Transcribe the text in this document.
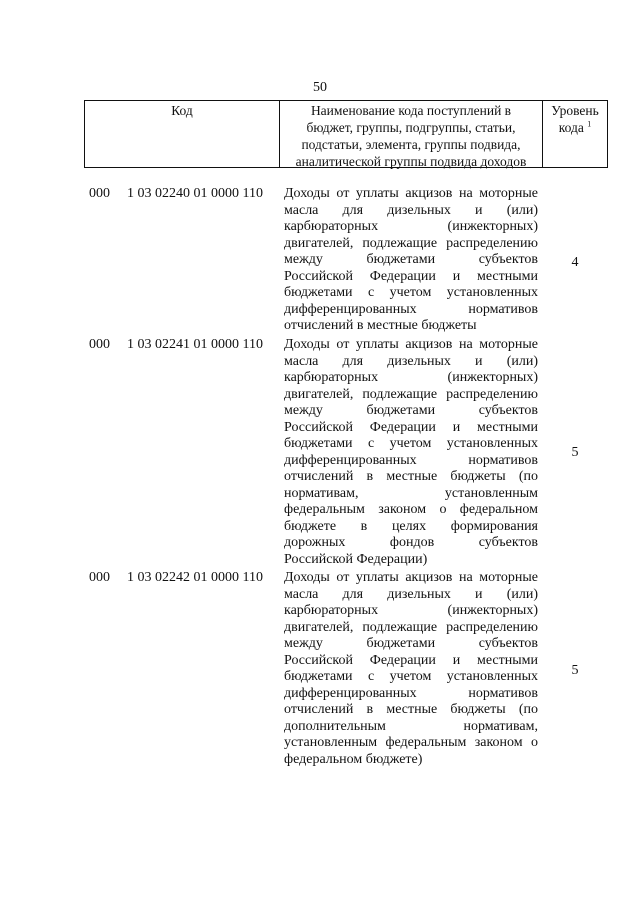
50
Код	Наименование кода поступлений в
бюджет, группы, подгруппы, статьи,
подстатьи, элемента, группы подвида,
аналитической группы подвида доходов
Уровень
кода $^1$
000 1 03 02240 01 0000 110 Доходы от уплаты акцизов на моторные
масла для дизельных и (или)
карбюраторных (инжекторных)
двигателей, подлежащие распределению
между бюджетами субъектов
Российской Федерации и местными
бюджетами с учетом установленных
дифференцированных нормативов
отчислений в местные бюджеты
4
000 1 03 02241 01 0000 110 Доходы от уплаты акцизов на моторные
масла для дизельных и (или)
карбюраторных (инжекторных)
двигателей, подлежащие распределению
между бюджетами субъектов
Российской Федерации и местными
бюджетами с учетом установленных
дифференцированных нормативов
отчислений в местные бюджеты (по
нормативам, установленным
федеральным законом о федеральном
бюджете в целях формирования
дорожных фондов субъектов
Российской Федерации)
5
000 1 03 02242 01 0000 110 Доходы от уплаты акцизов на моторные
масла для дизельных и (или)
карбюраторных (инжекторных)
двигателей, подлежащие распределению
между бюджетами субъектов
Российской Федерации и местными
бюджетами с учетом установленных
дифференцированных нормативов
отчислений в местные бюджеты (по
дополнительным нормативам,
установленным федеральным законом о
федеральном бюджете)
5
